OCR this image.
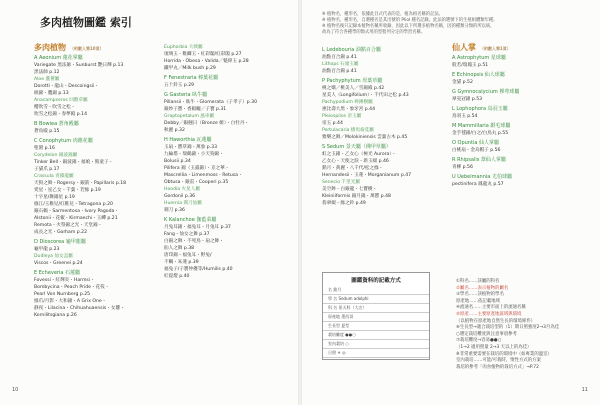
多肉植物圖鑑 索引
多肉植物 （約數入第10頁）
A Aeonium 蓮花掌屬
Variegate 黑法師・Sunburst 艷日輝 p.13
黑法師 p.12
Aloe 蘆薈屬
Dorotti・龍山・Descoingsii・
綾錦・鷹錦 p.13
Anacampseros 回歡草屬
櫻吹雪・吹雪之松・
吹雪之松錦・春夢殿 p.14
B Bowiea 蒼角殿屬
蒼角殿 p.15
C Conophytum 肉錐花屬
聖園 p.16
Corydelon 銀波錦屬
Tinker Bell・銀波錦・福娘・熊童子・
子貓爪 p.17
Crassula 青鎖龍屬
天狗之舞・Rogersy・銀箭・Papillaris p.18
愛星・星乙女・千葉・若綠 p.19
十字星/舞錦星 p.19
綠江/玉稚兒/紅稚兒・Tetragona p.20
銀石鶴・Sarmentosa・Ivory Pagoda・
Alstonii・花椒・Kirmaechi・玉蟬 p.21
Remota・火祭錦之光・天堂錦・
成長之光・Gorham p.22
D Dioscorea 龜甲龍屬
龜甲龍 p.23
Dudleya 仙女盃屬
Viscos・Greenei p.24
E Echeveria 石蓮屬
Fovessi・紅輝炎・Harmsi・
Bombycina・Peach Pride・花筏・
Pearl Von Nurnberg p.25
綠爪/月影・大和錦・A Grix One・
靜夜・Lilacina・Chihuahuaensis・女雛・
Kornilitsgiana p.26
Euphorbia 大戟屬
琉璃玉・稚麟玉・紅彩閣/紅彩閣 p.27
Horrida・Obesa・Valida／魁偉玉 p.28
鐵甲丸／Milk bush p.29
F Fenestraria 棒葉花屬
五十鈴玉 p.29
G Gasteria 臥牛屬
Pillansii・臥牛・Glomerata（子孝子）p.30
銀妙子寶・香殿曬／子寶 p.31
Graptopetalum 風車屬
Debby／銀翹日（Bronze 姬）・白牡丹・
秋麗 p.32
H Haworthia 瓦蓮屬
玉扇・寶草錦・萬象 p.33
九輪塔・瑞鶴錦・小天狗錦・
Bolusii p.34
Pilifera 錦（玉露錦）・京之華・
Mascrellia・Limenmoss・Retusa・
Obtusa・銀雷・Cooperi p.35
Hoodia 火星人屬
Gordonii p.36
Huernia 剃刀仙屬
剃刀 p.36
K Kalanchoe 伽藍菜屬
月兔耳錦・福兔耳・月兔耳 p.37
Fang・仙女之舞 p.37
白銀之舞・不死鳥・扇之舞・
仙人之舞 p.38
唐印錦・福兔耳・野兔/
不觸・朱蓮 p.39
福兔子/子寶仲優等/Humilis p.40
紅提燈 p.40
10
※ 植物名，種形名，依據此目式代表的是，植為組名稱的記法。
※ 植物名，種形名，自選種名是其出號的 Pliol 種名記錄。此法的選號下的生殖組體類年種。
※ 植物名後只記錄本植物名稱所收錄，因此以下所選多植物名稱，因的種類分類的所以統，
故為了符合各種學的類式用的型程列分定的學習名稱。
L Ledebouria 油點百合屬
油點百合錦 p.41
Lithops 石頭玉屬
油點百合錦 p.41
P Pachyphytum 厚葉草屬
桃之嬌／桃美人／雪錦殿 p.42
星美人（Longifolium）・千代田之松 p.43
Pachypodium 棒錘樹屬
惠比壽大黑・象牙宮 p.44
Pleiospilos 帝玉屬
帝玉 p.44
Portulacaria 樹馬齒莧屬
雅樂之舞／Molokiniensis 雲葉古木 p.45
S Sedum 景天屬（佛甲草屬）
虹之玉錦・乙女心（極光 Aurora）・
乙女心・天使之淚・新玉綴 p.46
銘月・黃麗・八千代/松之綠・
Hernandesii・玉蓮・Morganianum p.47
Senecio 千里光屬
美空鉾・白銀龍・七寶樹・
Kleiniiformis 銀月錦・萬寶 p.48
翡翠綴・綠之鈴 p.49
仙人掌 （約數入第1頁）
A Astrophytum 星球屬
般若/瑞鳳玉 p.51
E Echinopsis 仙人球屬
金貓 p.52
G Gymnocalycium 裸萼球屬
翠晃冠錦 p.53
L Lophophora 鳥羽玉屬
鳥羽玉 p.54
M Mammillaria 銀毛球屬
金手毬錦/白之/白鳥丸 p.55
O Opuntia 仙人掌屬
白桃扇・金烏帽子 p.56
R Rhipsalis 葦仙人掌屬
青柳 p.56
U Uebelmannia 尤伯球屬
pectinifera 鳳龍丸 p.57
圖鑑資料的記載方式
名 銘月
學 名 Sedum adolphi
科 名 景天科（大名）
原產地 墨西哥
生長型 夏型
栽培難度 ●●○
室內栽培 ○
日照 ☀ ◎
①科名……該屬的科名
②屬名……表示植物的屬名
③學名……該植物的學名
原產地……依記載地域
④流通名……主要市面上的流通名稱
⑤原產……主要原產地區域與環境
（以植物在原產地自然生長的環境條件）
⑥生長型→適合栽培型的（1）期日照強度2→3月為佳
○選定栽培難度與注意事項參考
⑦栽培難度→容易●●○
（1→2 適用照量 2→3 天以上的為佳）
※非常重要需要在栽培的環境中（如專業的溫室）
室內栽培……可能/可栽時，惰性方式的方案
栽培的參考「肉食植物的栽培方式」→P.72
11
